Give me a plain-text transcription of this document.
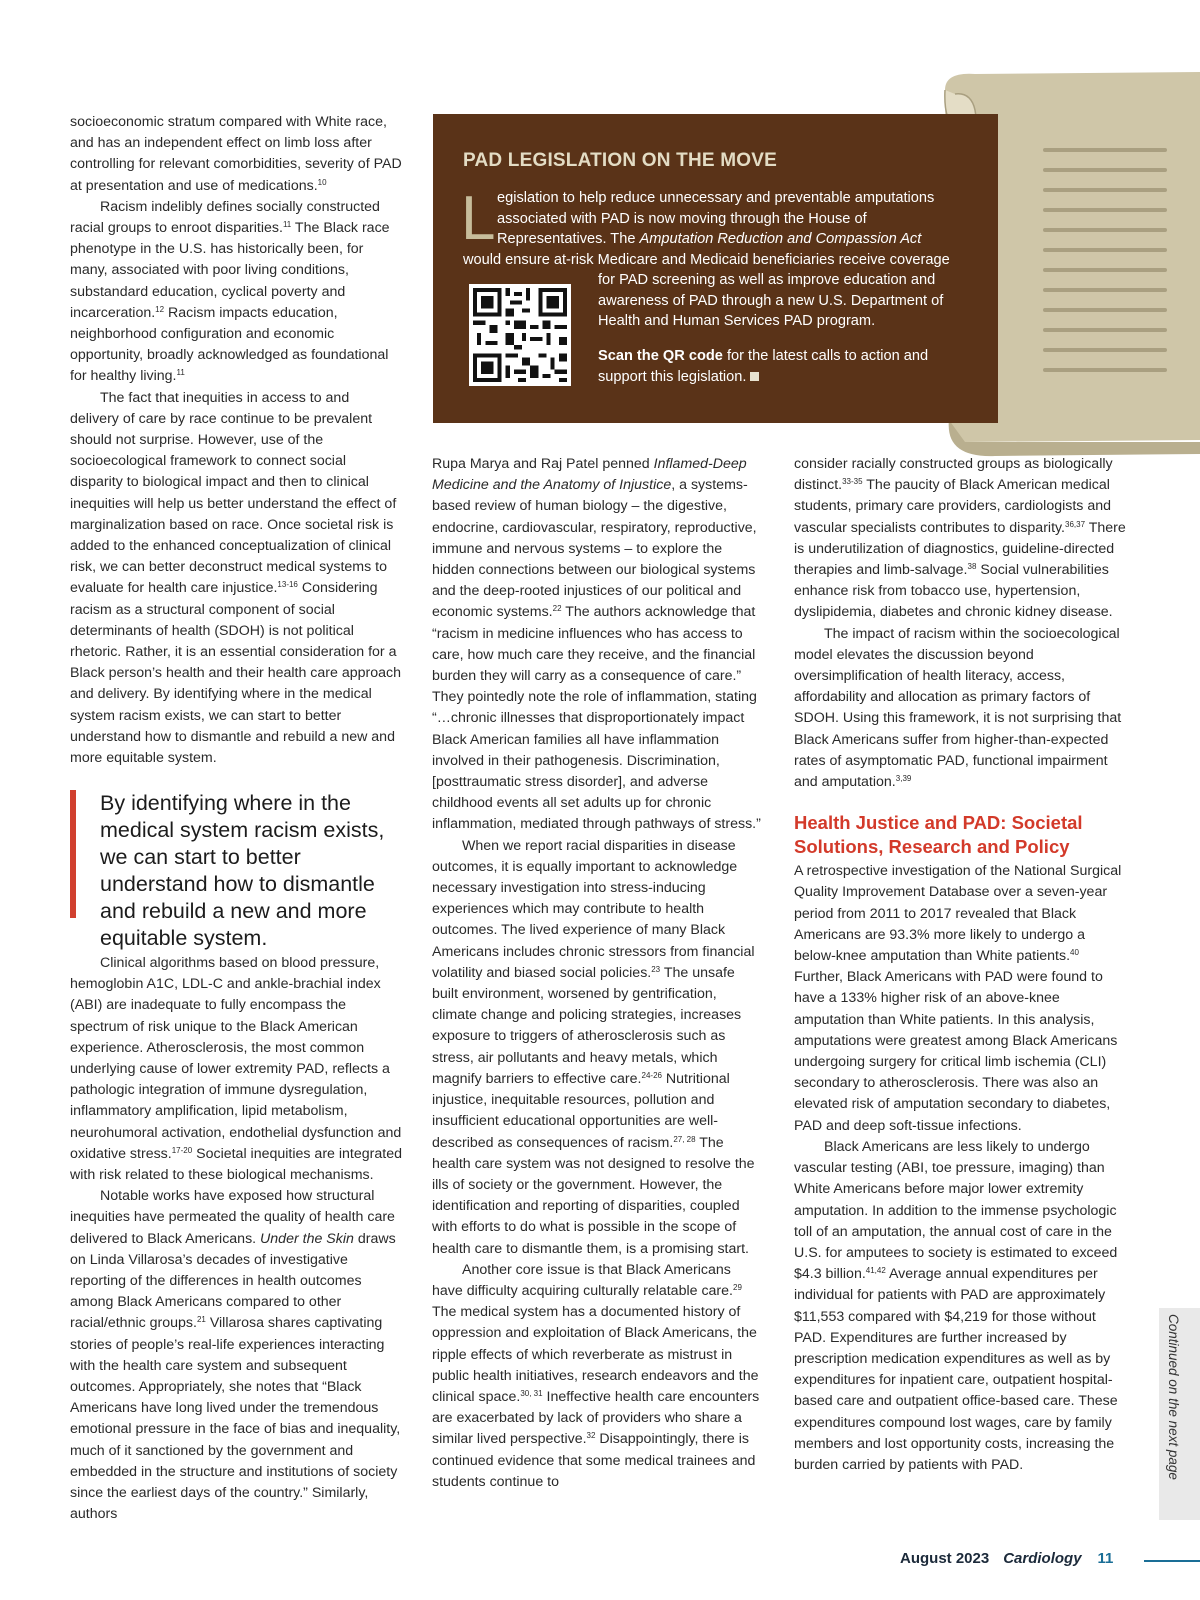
PAD LEGISLATION ON THE MOVE
L egislation to help reduce unnecessary and preventable amputations associated with PAD is now moving through the House of Representatives. The Amputation Reduction and Compassion Act
would ensure at-risk Medicare and Medicaid beneficiaries receive coverage
for PAD screening as well as improve education and awareness of PAD through a new U.S. Department of Health and Human Services PAD program.
Scan the QR code for the latest calls to action and support this legislation.

socioeconomic stratum compared with White race, and has an independent effect on limb loss after controlling for relevant comorbidities, severity of PAD at presentation and use of medications.$^{10}$

Racism indelibly defines socially constructed racial groups to enroot disparities.$^{11}$ The Black race phenotype in the U.S. has historically been, for many, associated with poor living conditions, substandard education, cyclical poverty and incarceration.$^{12}$ Racism impacts education, neighborhood configuration and economic opportunity, broadly acknowledged as foundational for healthy living.$^{11}$

The fact that inequities in access to and delivery of care by race continue to be prevalent should not surprise. However, use of the socioecological framework to connect social disparity to biological impact and then to clinical inequities will help us better understand the effect of marginalization based on race. Once societal risk is added to the enhanced conceptualization of clinical risk, we can better deconstruct medical systems to evaluate for health care injustice.$^{13-16}$ Considering racism as a structural component of social determinants of health (SDOH) is not political rhetoric. Rather, it is an essential consideration for a Black person’s health and their health care approach and delivery. By identifying where in the medical system racism exists, we can start to better understand how to dismantle and rebuild a new and more equitable system.

By identifying where in the medical system racism exists, we can start to better understand how to dismantle and rebuild a new and more equitable system.

Clinical algorithms based on blood pressure, hemoglobin A1C, LDL-C and ankle-brachial index (ABI) are inadequate to fully encompass the spectrum of risk unique to the Black American experience. Atherosclerosis, the most common underlying cause of lower extremity PAD, reflects a pathologic integration of immune dysregulation, inflammatory amplification, lipid metabolism, neurohumoral activation, endothelial dysfunction and oxidative stress.$^{17-20}$ Societal inequities are integrated with risk related to these biological mechanisms.

Notable works have exposed how structural inequities have permeated the quality of health care delivered to Black Americans. Under the Skin draws on Linda Villarosa’s decades of investigative reporting of the differences in health outcomes among Black Americans compared to other racial/ethnic groups.$^{21}$ Villarosa shares captivating stories of people’s real-life experiences interacting with the health care system and subsequent outcomes. Appropriately, she notes that “Black Americans have long lived under the tremendous emotional pressure in the face of bias and inequality, much of it sanctioned by the government and embedded in the structure and institutions of society since the earliest days of the country.” Similarly, authors

Rupa Marya and Raj Patel penned Inflamed-Deep Medicine and the Anatomy of Injustice, a systems-based review of human biology – the digestive, endocrine, cardiovascular, respiratory, reproductive, immune and nervous systems – to explore the hidden connections between our biological systems and the deep-rooted injustices of our political and economic systems.$^{22}$ The authors acknowledge that “racism in medicine influences who has access to care, how much care they receive, and the financial burden they will carry as a consequence of care.” They pointedly note the role of inflammation, stating “…chronic illnesses that disproportionately impact Black American families all have inflammation involved in their pathogenesis. Discrimination, [posttraumatic stress disorder], and adverse childhood events all set adults up for chronic inflammation, mediated through pathways of stress.”

When we report racial disparities in disease outcomes, it is equally important to acknowledge necessary investigation into stress-inducing experiences which may contribute to health outcomes. The lived experience of many Black Americans includes chronic stressors from financial volatility and biased social policies.$^{23}$ The unsafe built environment, worsened by gentrification, climate change and policing strategies, increases exposure to triggers of atherosclerosis such as stress, air pollutants and heavy metals, which magnify barriers to effective care.$^{24-26}$ Nutritional injustice, inequitable resources, pollution and insufficient educational opportunities are well-described as consequences of racism.$^{27, 28}$ The health care system was not designed to resolve the ills of society or the government. However, the identification and reporting of disparities, coupled with efforts to do what is possible in the scope of health care to dismantle them, is a promising start.

Another core issue is that Black Americans have difficulty acquiring culturally relatable care.$^{29}$ The medical system has a documented history of oppression and exploitation of Black Americans, the ripple effects of which reverberate as mistrust in public health initiatives, research endeavors and the clinical space.$^{30, 31}$ Ineffective health care encounters are exacerbated by lack of providers who share a similar lived perspective.$^{32}$ Disappointingly, there is continued evidence that some medical trainees and students continue to

consider racially constructed groups as biologically distinct.$^{33-35}$ The paucity of Black American medical students, primary care providers, cardiologists and vascular specialists contributes to disparity.$^{36,37}$ There is underutilization of diagnostics, guideline-directed therapies and limb-salvage.$^{38}$ Social vulnerabilities enhance risk from tobacco use, hypertension, dyslipidemia, diabetes and chronic kidney disease.

The impact of racism within the socioecological model elevates the discussion beyond oversimplification of health literacy, access, affordability and allocation as primary factors of SDOH. Using this framework, it is not surprising that Black Americans suffer from higher-than-expected rates of asymptomatic PAD, functional impairment and amputation.$^{3,39}$

Health Justice and PAD: Societal Solutions, Research and Policy

A retrospective investigation of the National Surgical Quality Improvement Database over a seven-year period from 2011 to 2017 revealed that Black Americans are 93.3% more likely to undergo a below-knee amputation than White patients.$^{40}$ Further, Black Americans with PAD were found to have a 133% higher risk of an above-knee amputation than White patients. In this analysis, amputations were greatest among Black Americans undergoing surgery for critical limb ischemia (CLI) secondary to atherosclerosis. There was also an elevated risk of amputation secondary to diabetes, PAD and deep soft-tissue infections.

Black Americans are less likely to undergo vascular testing (ABI, toe pressure, imaging) than White Americans before major lower extremity amputation. In addition to the immense psychologic toll of an amputation, the annual cost of care in the U.S. for amputees to society is estimated to exceed $4.3 billion.$^{41,42}$ Average annual expenditures per individual for patients with PAD are approximately $11,553 compared with $4,219 for those without PAD. Expenditures are further increased by prescription medication expenditures as well as by expenditures for inpatient care, outpatient hospital-based care and outpatient office-based care. These expenditures compound lost wages, care by family members and lost opportunity costs, increasing the burden carried by patients with PAD.	Continued on the next page
August 2023 Cardiology 11
